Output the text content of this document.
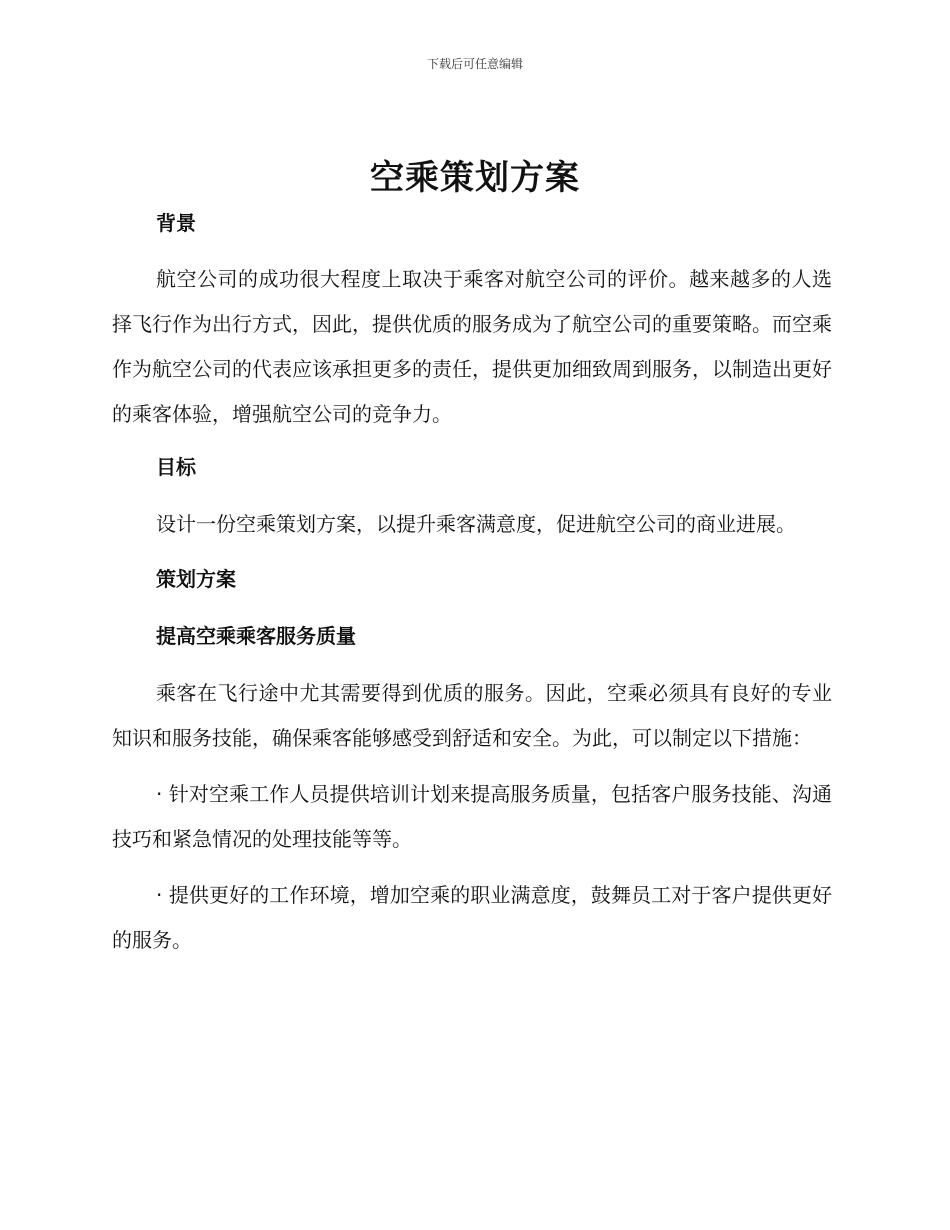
下载后可任意编辑
空乘策划方案
背景

航空公司的成功很大程度上取决于乘客对航空公司的评价。越来越多的人选择飞行作为出行方式，因此，提供优质的服务成为了航空公司的重要策略。而空乘作为航空公司的代表应该承担更多的责任，提供更加细致周到服务，以制造出更好的乘客体验，增强航空公司的竞争力。

目标

设计一份空乘策划方案，以提升乘客满意度，促进航空公司的商业进展。

策划方案
提高空乘乘客服务质量

乘客在飞行途中尤其需要得到优质的服务。因此，空乘必须具有良好的专业知识和服务技能，确保乘客能够感受到舒适和安全。为此，可以制定以下措施：

· 针对空乘工作人员提供培训计划来提高服务质量，包括客户服务技能、沟通技巧和紧急情况的处理技能等等。

· 提供更好的工作环境，增加空乘的职业满意度，鼓舞员工对于客户提供更好的服务。
